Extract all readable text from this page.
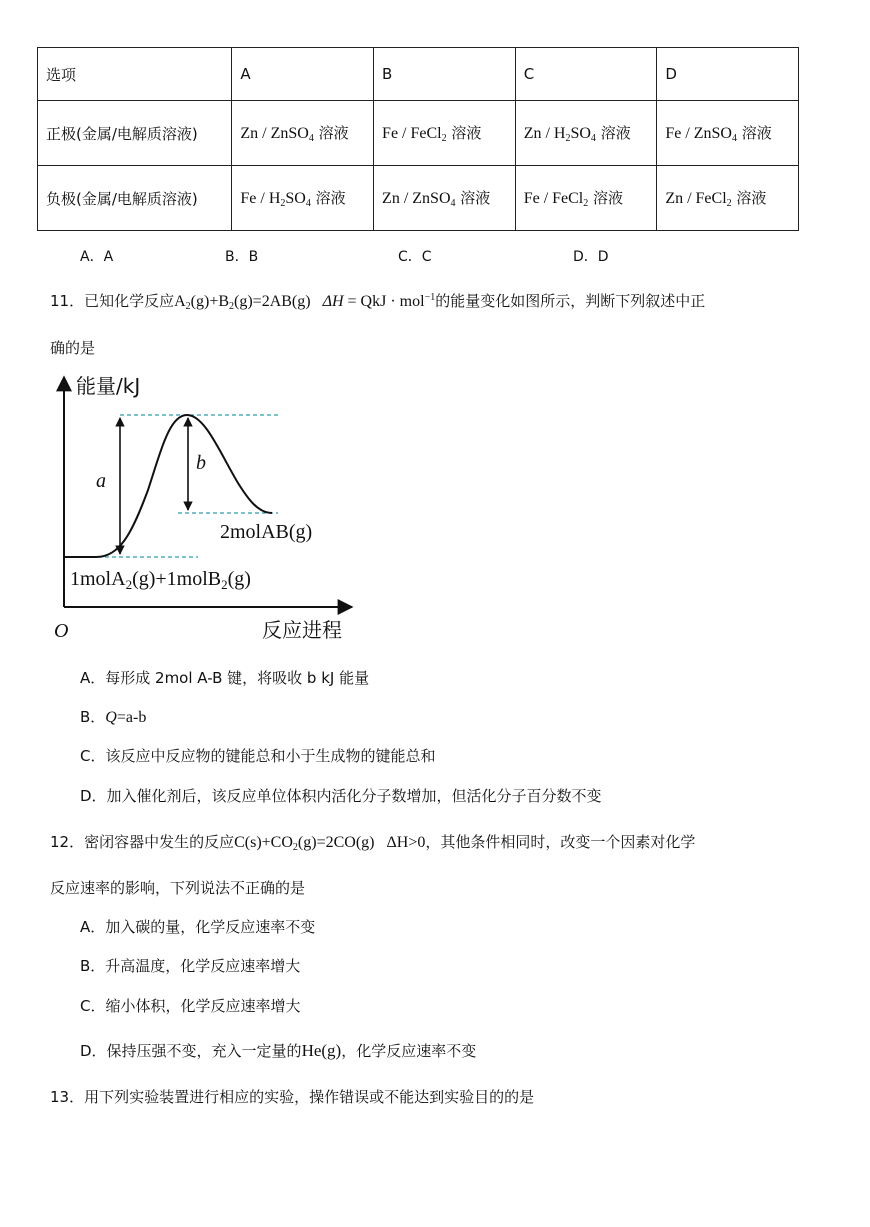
选项	A	B	C	D
正极(金属/电解质溶液)	Zn / ZnSO$_4$ 溶液	Fe / FeCl$_2$ 溶液	Zn / $H_2SO_4$ 溶液	Fe / ZnSO$_4$ 溶液
负极(金属/电解质溶液)	Fe / $H_2SO_4$ 溶液	Zn / ZnSO$_4$ 溶液	Fe / FeCl$_2$ 溶液	Zn / FeCl$_2$ 溶液
A．A	B．B	C．C	D．D
11．已知化学反应$A_2(g)+B_2(g)=2AB(g) \Delta H$ = QkJ · mol$^{-1}$的能量变化如图所示，判断下列叙述中正
确的是
能量/kJ
a
b
2molAB(g)
1molA$_2$(g)+1molB$_2$(g)
O	反应进程
A．每形成 2mol A-B 键，将吸收 b kJ 能量
B．Q=a-b
C．该反应中反应物的键能总和小于生成物的键能总和
D．加入催化剂后，该反应单位体积内活化分子数增加，但活化分子百分数不变
12．密闭容器中发生的反应$C(s)+CO_2(g)=2CO(g)$ ΔH>0，其他条件相同时，改变一个因素对化学
反应速率的影响，下列说法不正确的是
A．加入碳的量，化学反应速率不变
B．升高温度，化学反应速率增大
C．缩小体积，化学反应速率增大
D．保持压强不变，充入一定量的He(g)，化学反应速率不变
13．用下列实验装置进行相应的实验，操作错误或不能达到实验目的的是
